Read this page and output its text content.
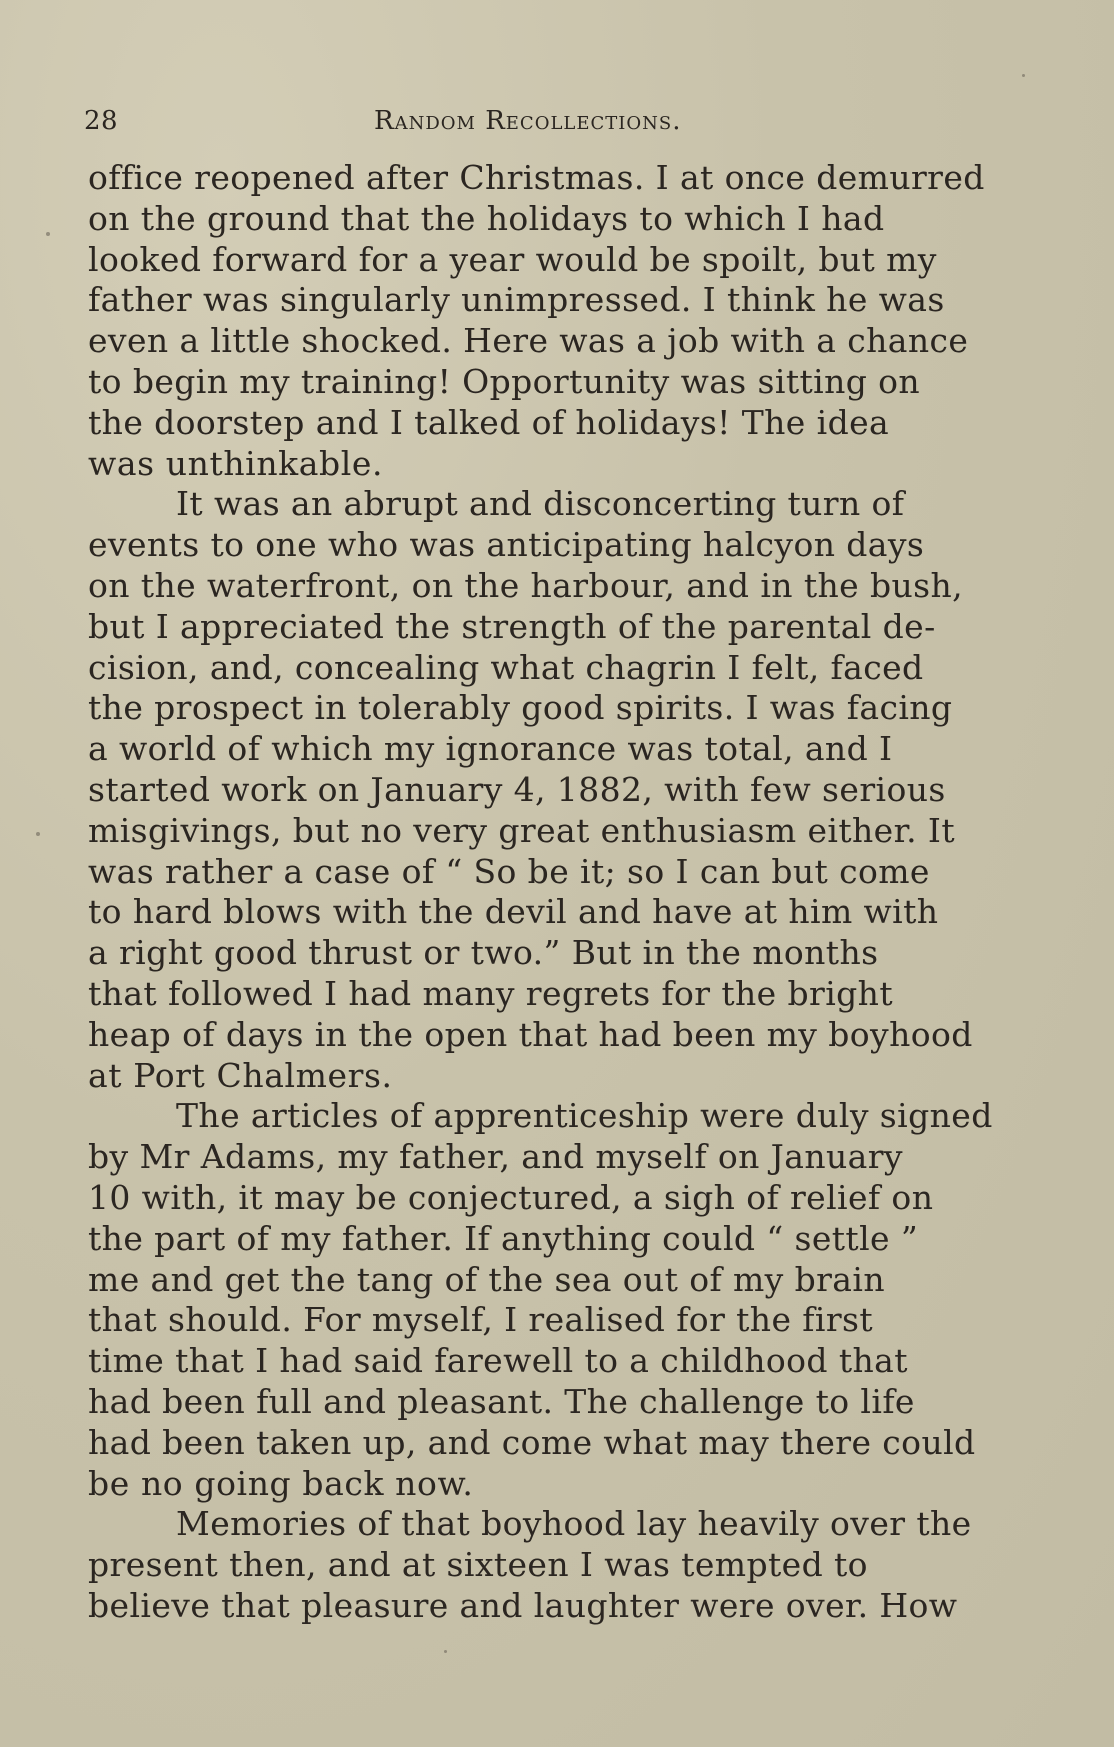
28	Random Recollections.
office reopened after Christmas. I at once demurred
on the ground that the holidays to which I had
looked forward for a year would be spoilt, but my
father was singularly unimpressed. I think he was
even a little shocked. Here was a job with a chance
to begin my training! Opportunity was sitting on
the doorstep and I talked of holidays! The idea
was unthinkable.
It was an abrupt and disconcerting turn of
events to one who was anticipating halcyon days
on the waterfront, on the harbour, and in the bush,
but I appreciated the strength of the parental de-
cision, and, concealing what chagrin I felt, faced
the prospect in tolerably good spirits. I was facing
a world of which my ignorance was total, and I
started work on January 4, 1882, with few serious
misgivings, but no very great enthusiasm either. It
was rather a case of “ So be it; so I can but come
to hard blows with the devil and have at him with
a right good thrust or two.” But in the months
that followed I had many regrets for the bright
heap of days in the open that had been my boyhood
at Port Chalmers.
The articles of apprenticeship were duly signed
by Mr Adams, my father, and myself on January
10 with, it may be conjectured, a sigh of relief on
the part of my father. If anything could “ settle ”
me and get the tang of the sea out of my brain
that should. For myself, I realised for the first
time that I had said farewell to a childhood that
had been full and pleasant. The challenge to life
had been taken up, and come what may there could
be no going back now.
Memories of that boyhood lay heavily over the
present then, and at sixteen I was tempted to
believe that pleasure and laughter were over. How
